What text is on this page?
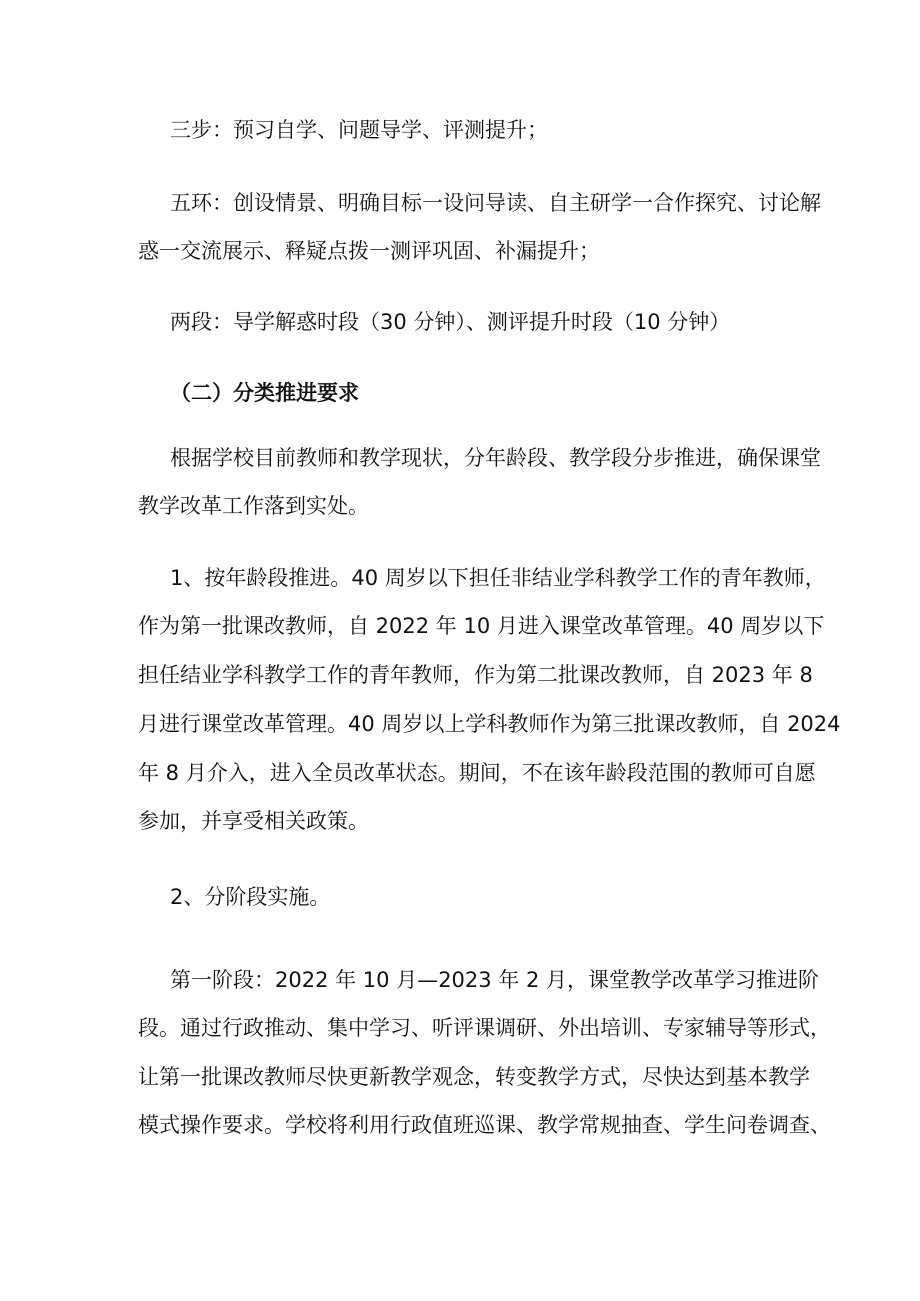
三步：预习自学、问题导学、评测提升；

五环：创设情景、明确目标一设问导读、自主研学一合作探究、讨论解

惑一交流展示、释疑点拨一测评巩固、补漏提升；

两段：导学解惑时段（30 分钟）、测评提升时段（10 分钟）

（二）分类推进要求

根据学校目前教师和教学现状，分年龄段、教学段分步推进，确保课堂

教学改革工作落到实处。

1、按年龄段推进。40 周岁以下担任非结业学科教学工作的青年教师，

作为第一批课改教师，自 2022 年 10 月进入课堂改革管理。40 周岁以下

担任结业学科教学工作的青年教师，作为第二批课改教师，自 2023 年 8

月进行课堂改革管理。40 周岁以上学科教师作为第三批课改教师，自 2024

年 8 月介入，进入全员改革状态。期间，不在该年龄段范围的教师可自愿

参加，并享受相关政策。

2、分阶段实施。

第一阶段：2022 年 10 月—2023 年 2 月，课堂教学改革学习推进阶

段。通过行政推动、集中学习、听评课调研、外出培训、专家辅导等形式，

让第一批课改教师尽快更新教学观念，转变教学方式，尽快达到基本教学

模式操作要求。学校将利用行政值班巡课、教学常规抽查、学生问卷调查、
